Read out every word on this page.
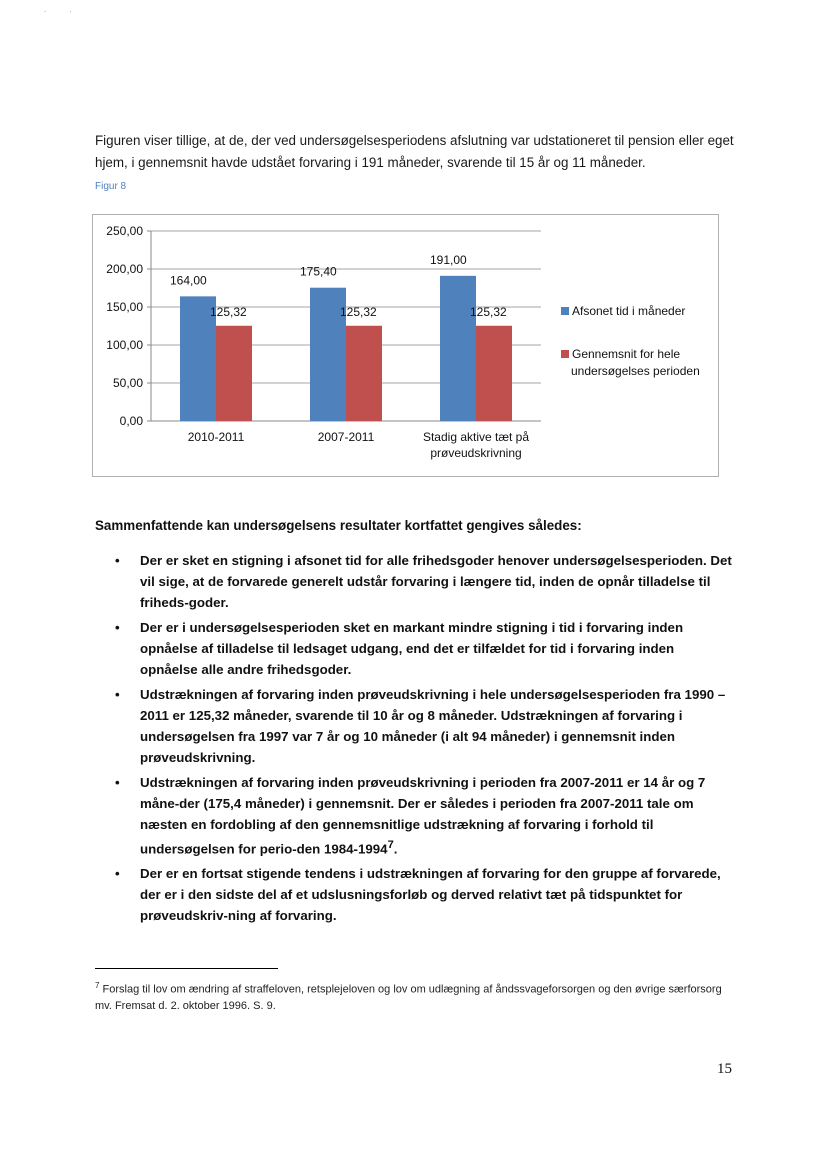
˙         ˙

Figuren viser tillige, at de, der ved undersøgelsesperiodens afslutning var udstationeret til pension eller eget hjem, i gennemsnit havde udstået forvaring i 191 måneder, svarende til 15 år og 11 måneder.

Figur 8
0,00
50,00
100,00
150,00
200,00
250,00
164,00
175,40
191,00
125,32	125,32	125,32
2010-2011	2007-2011	Stadig aktive tæt på
prøveudskrivning
Afsonet tid i måneder
Gennemsnit for hele
undersøgelses perioden
Sammenfattende kan undersøgelsens resultater kortfattet gengives således:
• Der er sket en stigning i afsonet tid for alle frihedsgoder henover undersøgelsesperioden. Det vil sige, at de forvarede generelt udstår forvaring i længere tid, inden de opnår tilladelse til friheds-goder.
• Der er i undersøgelsesperioden sket en markant mindre stigning i tid i forvaring inden opnåelse af tilladelse til ledsaget udgang, end det er tilfældet for tid i forvaring inden opnåelse alle andre frihedsgoder.
• Udstrækningen af forvaring inden prøveudskrivning i hele undersøgelsesperioden fra 1990 – 2011 er 125,32 måneder, svarende til 10 år og 8 måneder. Udstrækningen af forvaring i undersøgelsen fra 1997 var 7 år og 10 måneder (i alt 94 måneder) i gennemsnit inden prøveudskrivning.
• Udstrækningen af forvaring inden prøveudskrivning i perioden fra 2007-2011 er 14 år og 7 måne-der (175,4 måneder) i gennemsnit. Der er således i perioden fra 2007-2011 tale om næsten en fordobling af den gennemsnitlige udstrækning af forvaring i forhold til undersøgelsen for perio-den 1984-1994$^7$.
• Der er en fortsat stigende tendens i udstrækningen af forvaring for den gruppe af forvarede, der er i den sidste del af et udslusningsforløb og derved relativt tæt på tidspunktet for prøveudskriv-ning af forvaring.
$^7$ Forslag til lov om ændring af straffeloven, retsplejeloven og lov om udlægning af åndssvageforsorgen og den øvrige særforsorg mv. Fremsat d. 2. oktober 1996. S. 9.
15
